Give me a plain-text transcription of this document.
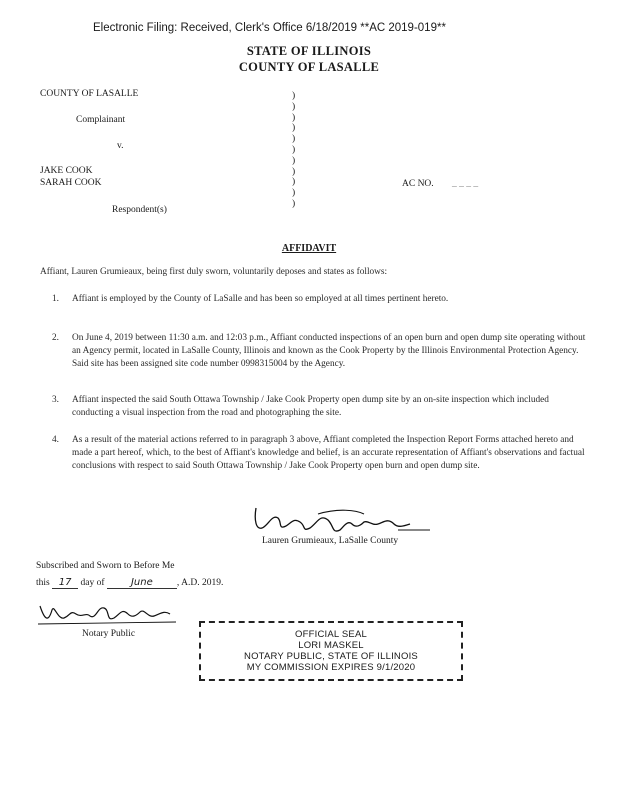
Electronic Filing: Received, Clerk's Office 6/18/2019 **AC 2019-019**
STATE OF ILLINOIS
COUNTY OF LASALLE
COUNTY OF LASALLE
Complainant
v.
JAKE COOK
SARAH COOK
Respondent(s)
)
)
)
)
)
)
)
)
)
)
)
AC NO. _ _ _ _
AFFIDAVIT
Affiant, Lauren Grumieaux, being first duly sworn, voluntarily deposes and states as follows:
1.	Affiant is employed by the County of LaSalle and has been so employed at all times pertinent hereto.
2.	On June 4, 2019 between 11:30 a.m. and 12:03 p.m., Affiant conducted inspections of an open burn and open dump site operating without an Agency permit, located in LaSalle County, Illinois and known as the Cook Property by the Illinois Environmental Protection Agency. Said site has been assigned site code number 0998315004 by the Agency.
3.	Affiant inspected the said South Ottawa Township / Jake Cook Property open dump site by an on-site inspection which included conducting a visual inspection from the road and photographing the site.
4.	As a result of the material actions referred to in paragraph 3 above, Affiant completed the Inspection Report Forms attached hereto and made a part hereof, which, to the best of Affiant's knowledge and belief, is an accurate representation of Affiant's observations and factual conclusions with respect to said South Ottawa Township / Jake Cook Property open burn and open dump site.
Lauren Grumieaux, LaSalle County
Subscribed and Sworn to Before Me
this 17 day of	June	, A.D. 2019.
Notary Public	OFFICIAL SEAL
LORI MASKEL
NOTARY PUBLIC, STATE OF ILLINOIS
MY COMMISSION EXPIRES 9/1/2020
